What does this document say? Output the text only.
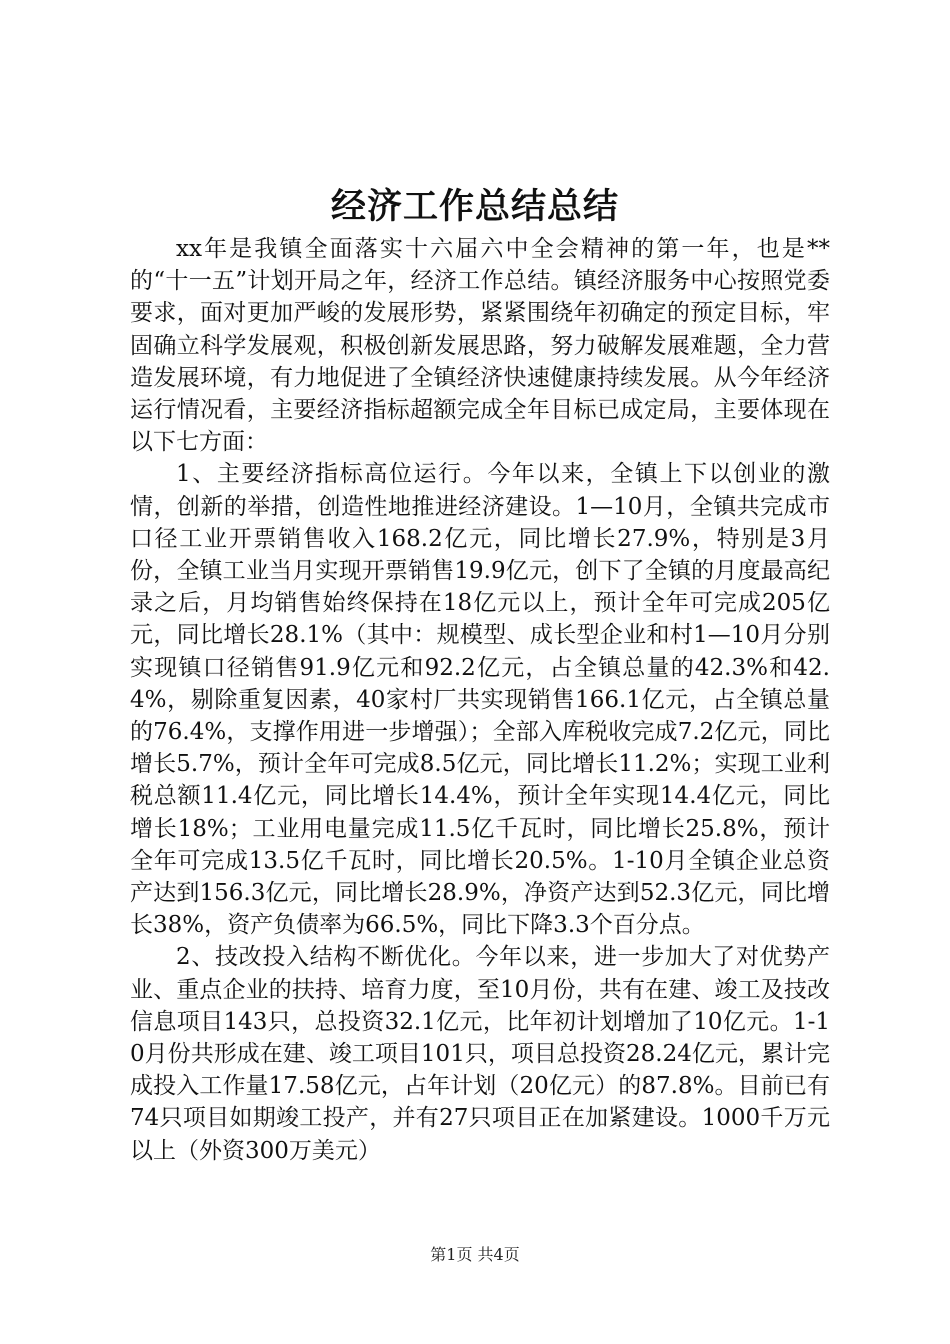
经济工作总结总结

xx年是我镇全面落实十六届六中全会精神的第一年，也是**的“十一五”计划开局之年，经济工作总结。镇经济服务中心按照党委要求，面对更加严峻的发展形势，紧紧围绕年初确定的预定目标，牢固确立科学发展观，积极创新发展思路，努力破解发展难题，全力营造发展环境，有力地促进了全镇经济快速健康持续发展。从今年经济运行情况看，主要经济指标超额完成全年目标已成定局，主要体现在以下七方面：

1、主要经济指标高位运行。今年以来，全镇上下以创业的激情，创新的举措，创造性地推进经济建设。1—10月，全镇共完成市口径工业开票销售收入168.2亿元，同比增长27.9%，特别是3月份，全镇工业当月实现开票销售19.9亿元，创下了全镇的月度最高纪录之后，月均销售始终保持在18亿元以上，预计全年可完成205亿元，同比增长28.1%（其中：规模型、成长型企业和村1—10月分别实现镇口径销售91.9亿元和92.2亿元，占全镇总量的42.3%和42.4%，剔除重复因素，40家村厂共实现销售166.1亿元，占全镇总量的76.4%，支撑作用进一步增强）；全部入库税收完成7.2亿元，同比增长5.7%，预计全年可完成8.5亿元，同比增长11.2%；实现工业利税总额11.4亿元，同比增长14.4%，预计全年实现14.4亿元，同比增长18%；工业用电量完成11.5亿千瓦时，同比增长25.8%，预计全年可完成13.5亿千瓦时，同比增长20.5%。1-10月全镇企业总资产达到156.3亿元，同比增长28.9%，净资产达到52.3亿元，同比增长38%，资产负债率为66.5%，同比下降3.3个百分点。

2、技改投入结构不断优化。今年以来，进一步加大了对优势产业、重点企业的扶持、培育力度，至10月份，共有在建、竣工及技改信息项目143只，总投资32.1亿元，比年初计划增加了10亿元。1-10月份共形成在建、竣工项目101只，项目总投资28.24亿元，累计完成投入工作量17.58亿元，占年计划（20亿元）的87.8%。目前已有74只项目如期竣工投产，并有27只项目正在加紧建设。1000千万元以上（外资300万美元）

第1页 共4页
